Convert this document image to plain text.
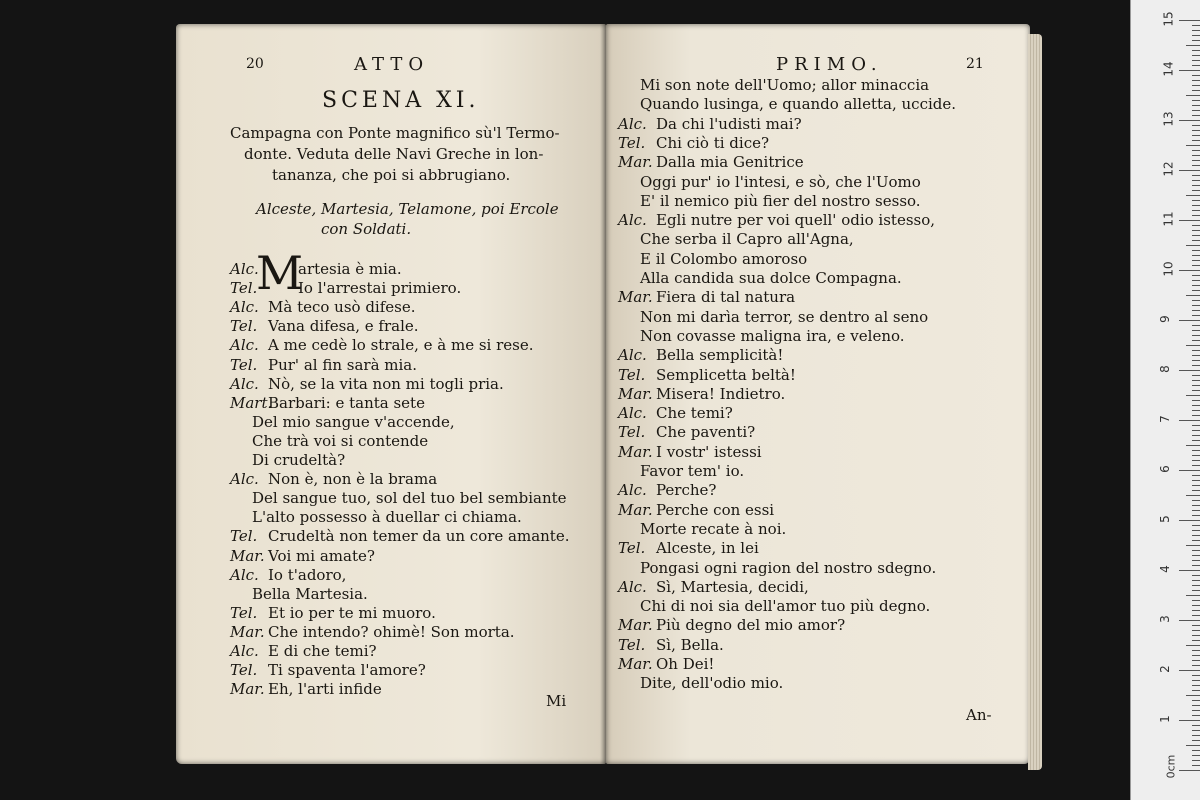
20	ATTO
SCENA XI.
Campagna con Ponte magnifico sù'l Termo-
donte. Veduta delle Navi Greche in lon-
tananza, che poi si abbrugiano.
Alceste, Martesia, Telamone, poi Ercole
con Soldati.
M
Alc.	artesia è mia.
Tel.	Io l'arrestai primiero.
Alc. Mà teco usò difese.
Tel. Vana difesa, e frale.
Alc. A me cedè lo strale, e à me si rese.
Tel. Pur' al fin sarà mia.
Alc. Nò, se la vita non mi togli pria.
Mart.Barbari: e tanta sete
Del mio sangue v'accende,
Che trà voi si contende
Di crudeltà?
Alc. Non è, non è la brama
Del sangue tuo, sol del tuo bel sembiante
L'alto possesso à duellar ci chiama.
Tel. Crudeltà non temer da un core amante.
Mar. Voi mi amate?
Alc. Io t'adoro,
Bella Martesia.
Tel. Et io per te mi muoro.
Mar. Che intendo? ohimè! Son morta.
Alc. E di che temi?
Tel. Ti spaventa l'amore?
Mar. Eh, l'arti infide
Mi
PRIMO.	21
Mi son note dell'Uomo; allor minaccia
Quando lusinga, e quando alletta, uccide.
Alc. Da chi l'udisti mai?
Tel. Chi ciò ti dice?
Mar. Dalla mia Genitrice
Oggi pur' io l'intesi, e sò, che l'Uomo
E' il nemico più fier del nostro sesso.
Alc. Egli nutre per voi quell' odio istesso,
Che serba il Capro all'Agna,
E il Colombo amoroso
Alla candida sua dolce Compagna.
Mar. Fiera di tal natura
Non mi darìa terror, se dentro al seno
Non covasse maligna ira, e veleno.
Alc. Bella semplicità!
Tel. Semplicetta beltà!
Mar. Misera! Indietro.
Alc. Che temi?
Tel. Che paventi?
Mar. I vostr' istessi
Favor tem' io.
Alc. Perche?
Mar. Perche con essi
Morte recate à noi.
Tel. Alceste, in lei
Pongasi ogni ragion del nostro sdegno.
Alc. Sì, Martesia, decidi,
Chi di noi sia dell'amor tuo più degno.
Mar. Più degno del mio amor?
Tel. Sì, Bella.
Mar. Oh Dei!
Dite, dell'odio mio.
An-	1
2
3
4
5
6
7
8
9
10
11
12
13
14
15
0cm
